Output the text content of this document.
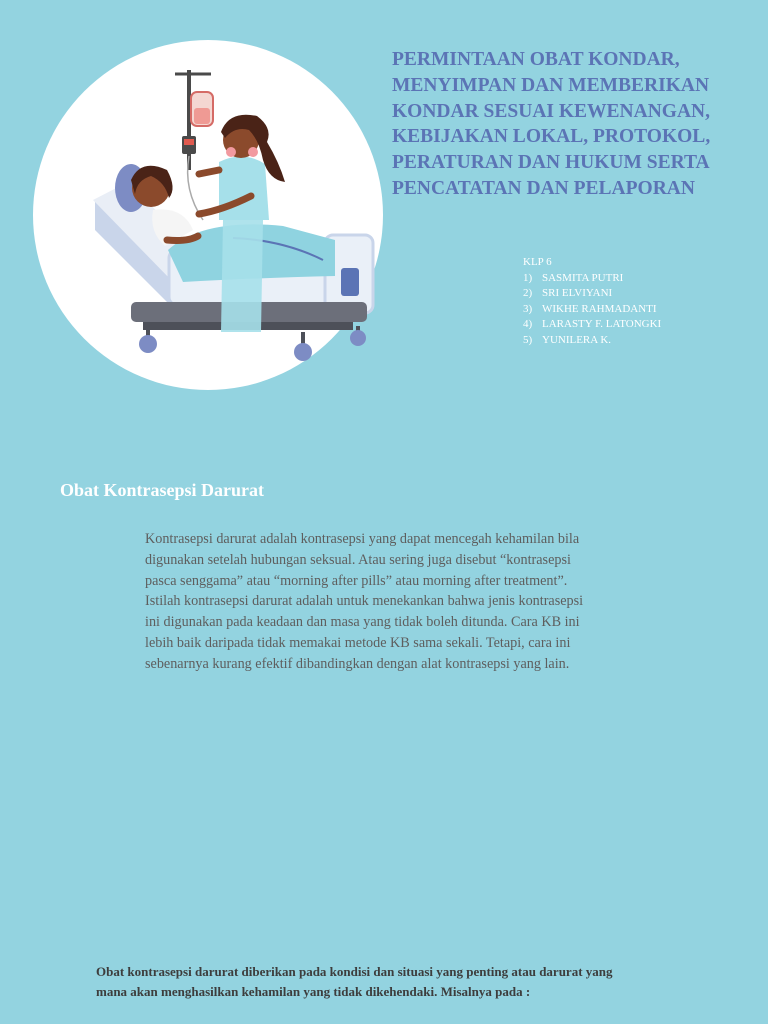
PERMINTAAN OBAT KONDAR, MENYIMPAN DAN MEMBERIKAN KONDAR SESUAI KEWENANGAN, KEBIJAKAN LOKAL, PROTOKOL, PERATURAN DAN HUKUM SERTA PENCATATAN DAN PELAPORAN
KLP 6
1) SASMITA PUTRI
2) SRI ELVIYANI
3) WIKHE RAHMADANTI
4) LARASTY F. LATONGKI
5) YUNILERA K.
Obat Kontrasepsi Darurat

Kontrasepsi darurat adalah kontrasepsi yang dapat mencegah kehamilan bila digunakan setelah hubungan seksual. Atau sering juga disebut “kontrasepsi pasca senggama” atau “morning after pills” atau morning after treatment”. Istilah kontrasepsi darurat adalah untuk menekankan bahwa jenis kontrasepsi ini digunakan pada keadaan dan masa yang tidak boleh ditunda. Cara KB ini lebih baik daripada tidak memakai metode KB sama sekali. Tetapi, cara ini sebenarnya kurang efektif dibandingkan dengan alat kontrasepsi yang lain.

Obat kontrasepsi darurat diberikan pada kondisi dan situasi yang penting atau darurat yang mana akan menghasilkan kehamilan yang tidak dikehendaki. Misalnya pada :
